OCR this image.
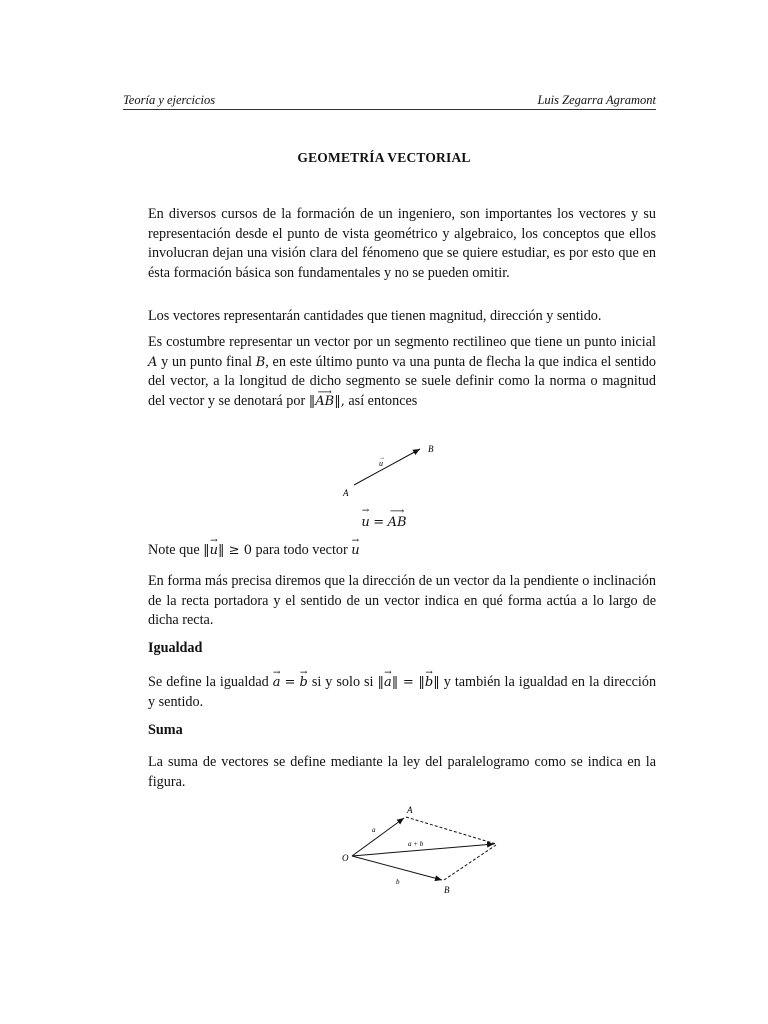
Teoría y ejercicios	Luis Zegarra Agramont
GEOMETRÍA VECTORIAL
En diversos cursos de la formación de un ingeniero, son importantes los vectores y su representación desde el punto de vista geométrico y algebraico, los conceptos que ellos involucran dejan una visión clara del fénomeno que se quiere estudiar, es por esto que en ésta formación básica son fundamentales y no se pueden omitir.
Los vectores representarán cantidades que tienen magnitud, dirección y sentido.
Es costumbre representar un vector por un segmento rectilineo que tiene un punto inicial A y un punto final B, en este último punto va una punta de flecha la que indica el sentido del vector, a la longitud de dicho segmento se suele definir como la norma o magnitud del vector y se denotará por ‖⟶ AB‖, así entonces
B
A
u
→
→ u = ⟶ AB
Note que ‖→ u‖ ≥ 0 para todo vector → u
En forma más precisa diremos que la dirección de un vector da la pendiente o inclinación de la recta portadora y el sentido de un vector indica en qué forma actúa a lo largo de dicha recta.
Igualdad
Se define la igualdad → a = → b si y solo si ‖→ a‖ = ‖→ b‖ y también la igualdad en la dirección y sentido.
Suma
La suma de vectores se define mediante la ley del paralelogramo como se indica en la figura.
A
B
O
a
b
a + b
